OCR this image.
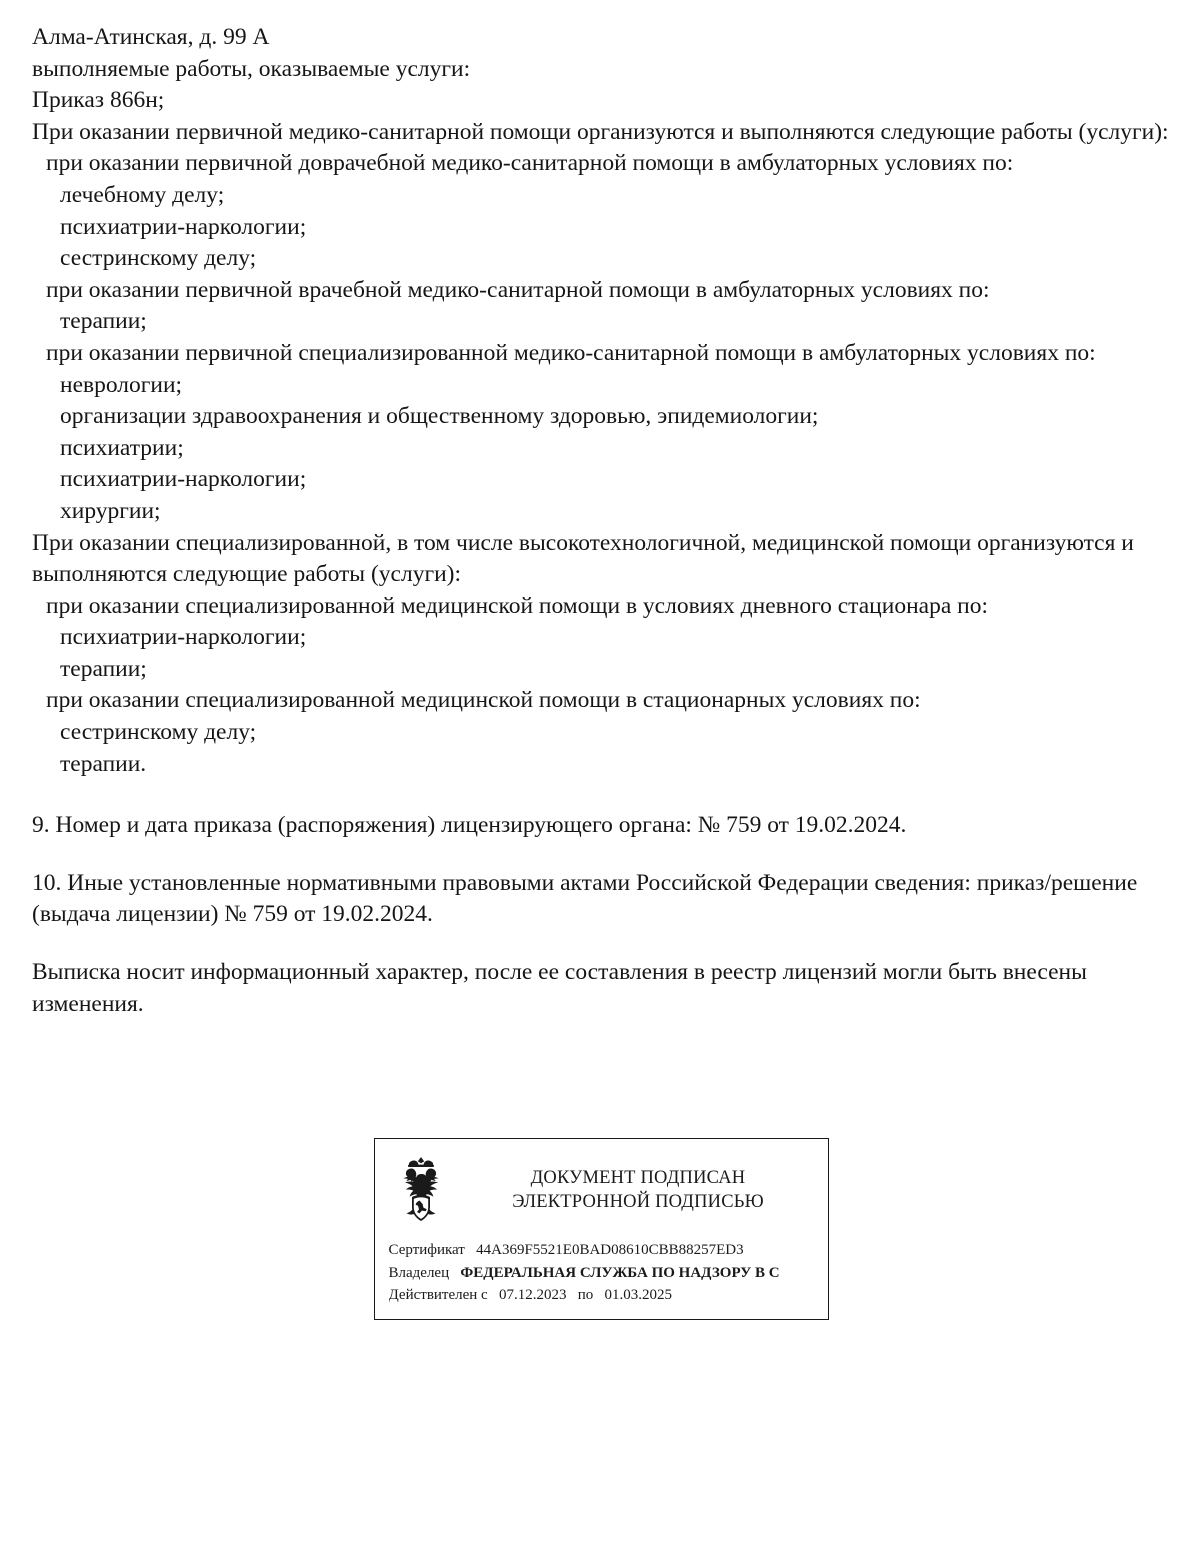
Алма-Атинская, д. 99 А

выполняемые работы, оказываемые услуги:

Приказ 866н;

При оказании первичной медико-санитарной помощи организуются и выполняются следующие работы (услуги):

при оказании первичной доврачебной медико-санитарной помощи в амбулаторных условиях по:

лечебному делу;

психиатрии-наркологии;

сестринскому делу;

при оказании первичной врачебной медико-санитарной помощи в амбулаторных условиях по:

терапии;

при оказании первичной специализированной медико-санитарной помощи в амбулаторных условиях по:

неврологии;

организации здравоохранения и общественному здоровью, эпидемиологии;

психиатрии;

психиатрии-наркологии;

хирургии;

При оказании специализированной, в том числе высокотехнологичной, медицинской помощи организуются и выполняются следующие работы (услуги):

при оказании специализированной медицинской помощи в условиях дневного стационара по:

психиатрии-наркологии;

терапии;

при оказании специализированной медицинской помощи в стационарных условиях по:

сестринскому делу;

терапии.

9. Номер и дата приказа (распоряжения) лицензирующего органа: № 759 от 19.02.2024.

10. Иные установленные нормативными правовыми актами Российской Федерации сведения: приказ/решение (выдача лицензии) № 759 от 19.02.2024.

Выписка носит информационный характер, после ее составления в реестр лицензий могли быть внесены изменения.

ДОКУМЕНТ ПОДПИСАН
ЭЛЕКТРОННОЙ ПОДПИСЬЮ
Сертификат 44A369F5521E0BAD08610CBB88257ED3
Владелец ФЕДЕРАЛЬНАЯ СЛУЖБА ПО НАДЗОРУ В С
Действителен с 07.12.2023 по 01.03.2025
